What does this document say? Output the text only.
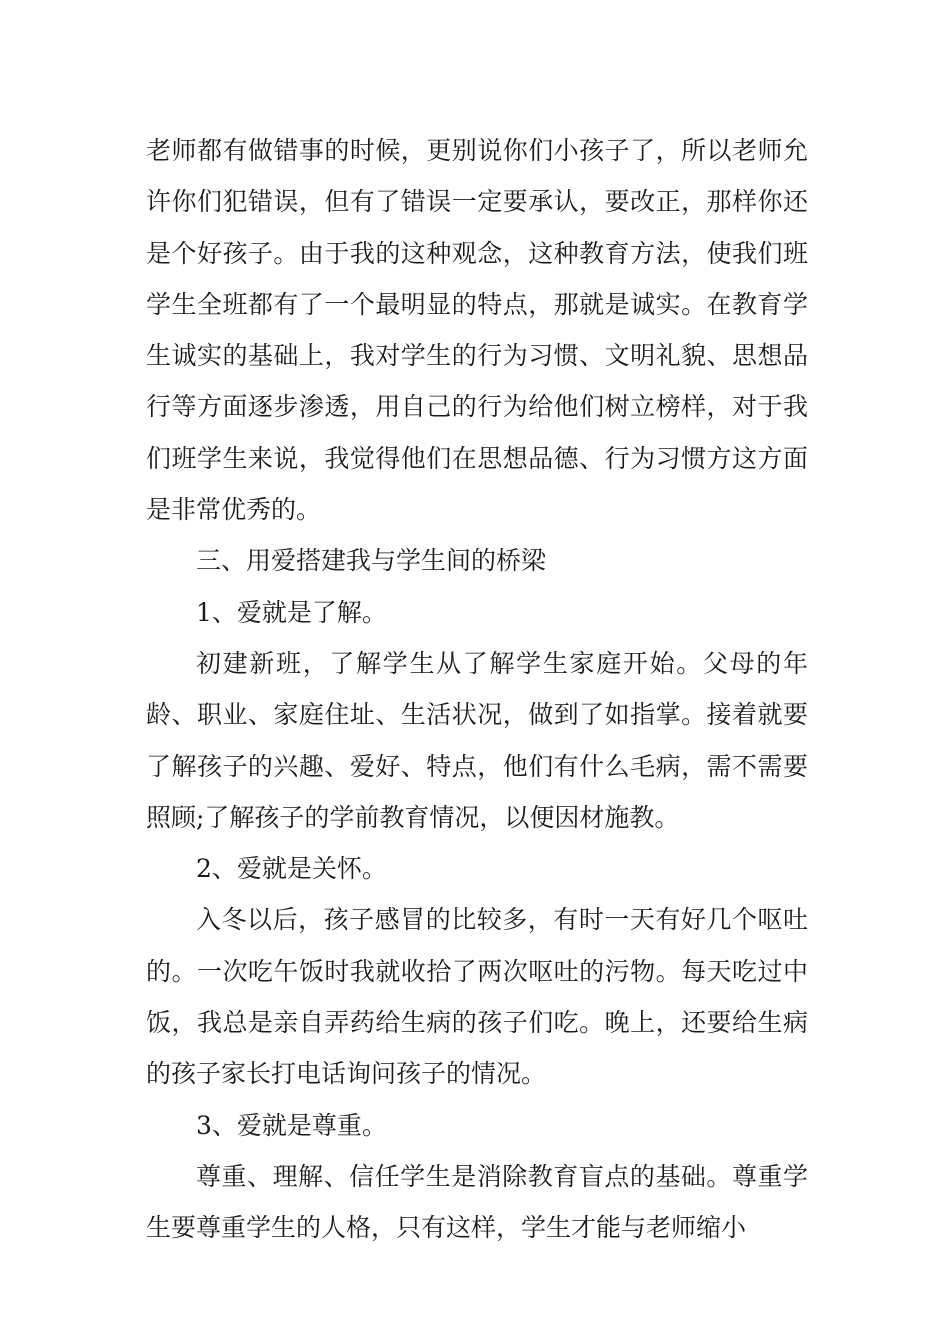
老师都有做错事的时候，更别说你们小孩子了，所以老师允许你们犯错误，但有了错误一定要承认，要改正，那样你还是个好孩子。由于我的这种观念，这种教育方法，使我们班学生全班都有了一个最明显的特点，那就是诚实。在教育学生诚实的基础上，我对学生的行为习惯、文明礼貌、思想品行等方面逐步渗透，用自己的行为给他们树立榜样，对于我们班学生来说，我觉得他们在思想品德、行为习惯方这方面是非常优秀的。

三、用爱搭建我与学生间的桥梁

1、爱就是了解。

初建新班，了解学生从了解学生家庭开始。父母的年龄、职业、家庭住址、生活状况，做到了如指掌。接着就要了解孩子的兴趣、爱好、特点，他们有什么毛病，需不需要照顾;了解孩子的学前教育情况，以便因材施教。

2、爱就是关怀。

入冬以后，孩子感冒的比较多，有时一天有好几个呕吐的。一次吃午饭时我就收拾了两次呕吐的污物。每天吃过中饭，我总是亲自弄药给生病的孩子们吃。晚上，还要给生病的孩子家长打电话询问孩子的情况。

3、爱就是尊重。

尊重、理解、信任学生是消除教育盲点的基础。尊重学生要尊重学生的人格，只有这样，学生才能与老师缩小
